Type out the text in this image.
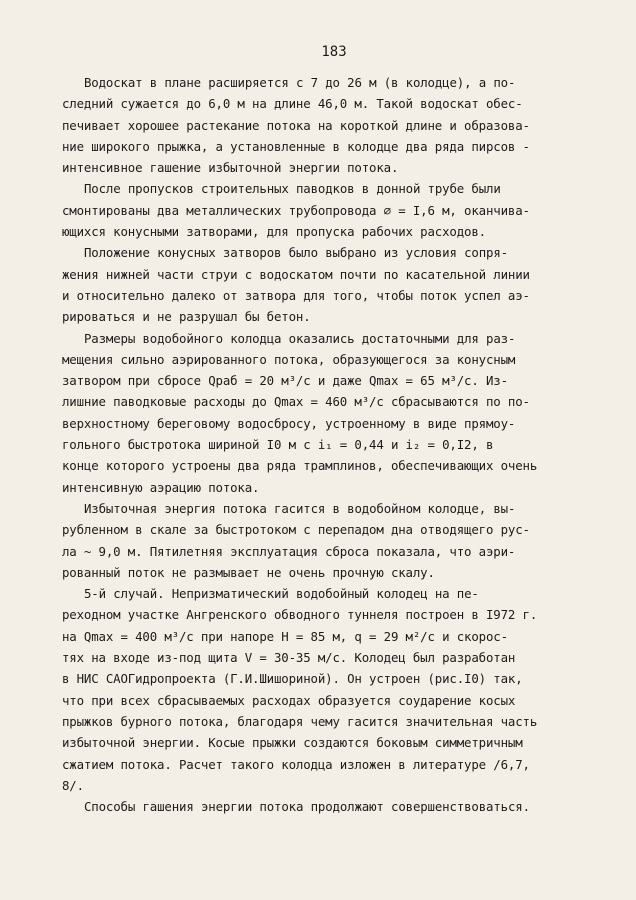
183

Водоскат в плане расширяется с 7 до 26 м (в колодце), а по-
следний сужается до 6,0 м на длине 46,0 м. Такой водоскат обес-
печивает хорошее растекание потока на короткой длине и образова-
ние широкого прыжка, а установленные в колодце два ряда пирсов -
интенсивное гашение избыточной энергии потока.

После пропусков строительных паводков в донной трубе были
смонтированы два металлических трубопровода ∅ = I,6 м, оканчива-
ющихся конусными затворами, для пропуска рабочих расходов.

Положение конусных затворов было выбрано из условия сопря-
жения нижней части струи с водоскатом почти по касательной линии
и относительно далеко от затвора для того, чтобы поток успел аэ-
рироваться и не разрушал бы бетон.

Размеры водобойного колодца оказались достаточными для раз-
мещения сильно аэрированного потока, образующегося за конусным
затвором при сбросе Qраб = 20 м³/с и даже Qmax = 65 м³/с. Из-
лишние паводковые расходы до Qmax = 460 м³/с сбрасываются по по-
верхностному береговому водосбросу, устроенному в виде прямоу-
гольного быстротока шириной I0 м с i₁ = 0,44 и i₂ = 0,I2, в
конце которого устроены два ряда трамплинов, обеспечивающих очень
интенсивную аэрацию потока.

Избыточная энергия потока гасится в водобойном колодце, вы-
рубленном в скале за быстротоком с перепадом дна отводящего рус-
ла ~ 9,0 м. Пятилетняя эксплуатация сброса показала, что аэри-
рованный поток не размывает не очень прочную скалу.

5-й случай. Непризматический водобойный колодец на пе-
реходном участке Ангренского обводного туннеля построен в I972 г.
на Qmax = 400 м³/с при напоре Н = 85 м, q = 29 м²/с и скорос-
тях на входе из-под щита V = 30-35 м/с. Колодец был разработан
в НИС САОГидропроекта (Г.И.Шишориной). Он устроен (рис.I0) так,
что при всех сбрасываемых расходах образуется соударение косых
прыжков бурного потока, благодаря чему гасится значительная часть
избыточной энергии. Косые прыжки создаются боковым симметричным
сжатием потока. Расчет такого колодца изложен в литературе /6,7,
8/.

Способы гашения энергии потока продолжают совершенствоваться.
